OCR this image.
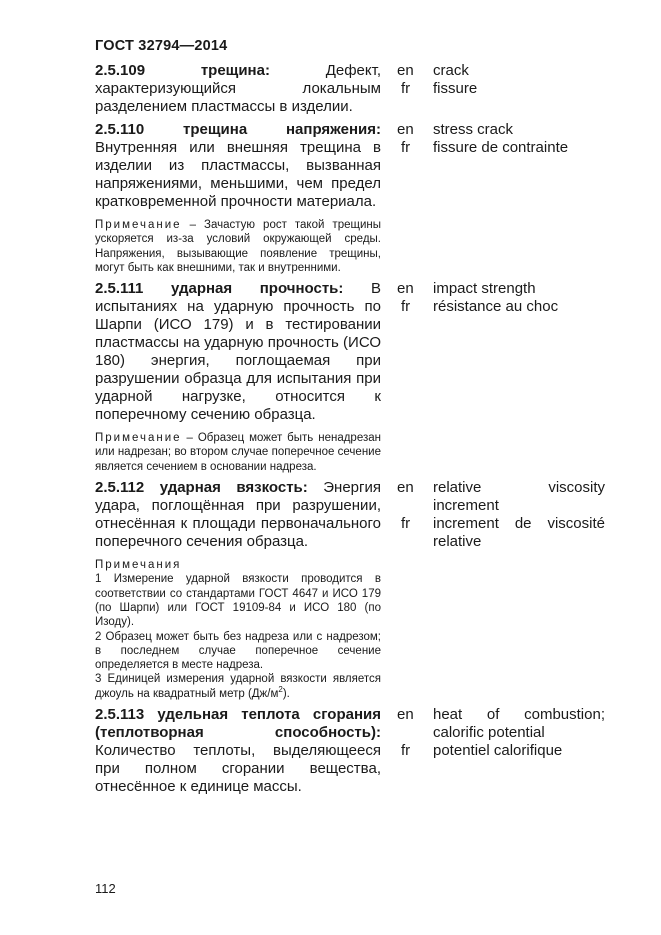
ГОСТ 32794—2014
2.5.109	трещина: Дефект, характеризующийся локальным разделением пластмассы в изделии.
en	crack
fr	fissure
2.5.110	трещина напряжения: Внутренняя или внешняя трещина в изделии из пластмассы, вызванная напряжениями, меньшими, чем предел кратковременной прочности материала.
Примечание – Зачастую рост такой трещины ускоряется из-за условий окружающей среды. Напряжения, вызывающие появление трещины, могут быть как внешними, так и внутренними.
en	stress crack
fr	fissure de contrainte
2.5.111 ударная прочность: В испытаниях на ударную прочность по Шарпи (ИСО 179) и в тестировании пластмассы на ударную прочность (ИСО 180) энергия, поглощаемая при разрушении образца для испытания при ударной нагрузке, относится к поперечному сечению образца.
Примечание – Образец может быть ненадрезан или надрезан; во втором случае поперечное сечение является сечением в основании надреза.
en	impact strength
fr	résistance au choc
2.5.112 ударная вязкость: Энергия удара, поглощённая при разрушении, отнесённая к площади первоначального поперечного сечения образца.
Примечания
1 Измерение ударной вязкости проводится в соответствии со стандартами ГОСТ 4647 и ИСО 179 (по Шарпи) или ГОСТ 19109-84 и ИСО 180 (по Изоду).
2 Образец может быть без надреза или с надрезом; в последнем случае поперечное сечение определяется в месте надреза.
3 Единицей измерения ударной вязкости является джоуль на квадратный метр $(Дж/м^2)$.
en	relative viscosity
increment
fr	increment de viscosité
relative
2.5.113 удельная теплота сгорания (теплотворная способность): Количество теплоты, выделяющееся при полном сгорании вещества, отнесённое к единице массы.
en	heat of combustion;
calorific potential
fr	potentiel calorifique
112
